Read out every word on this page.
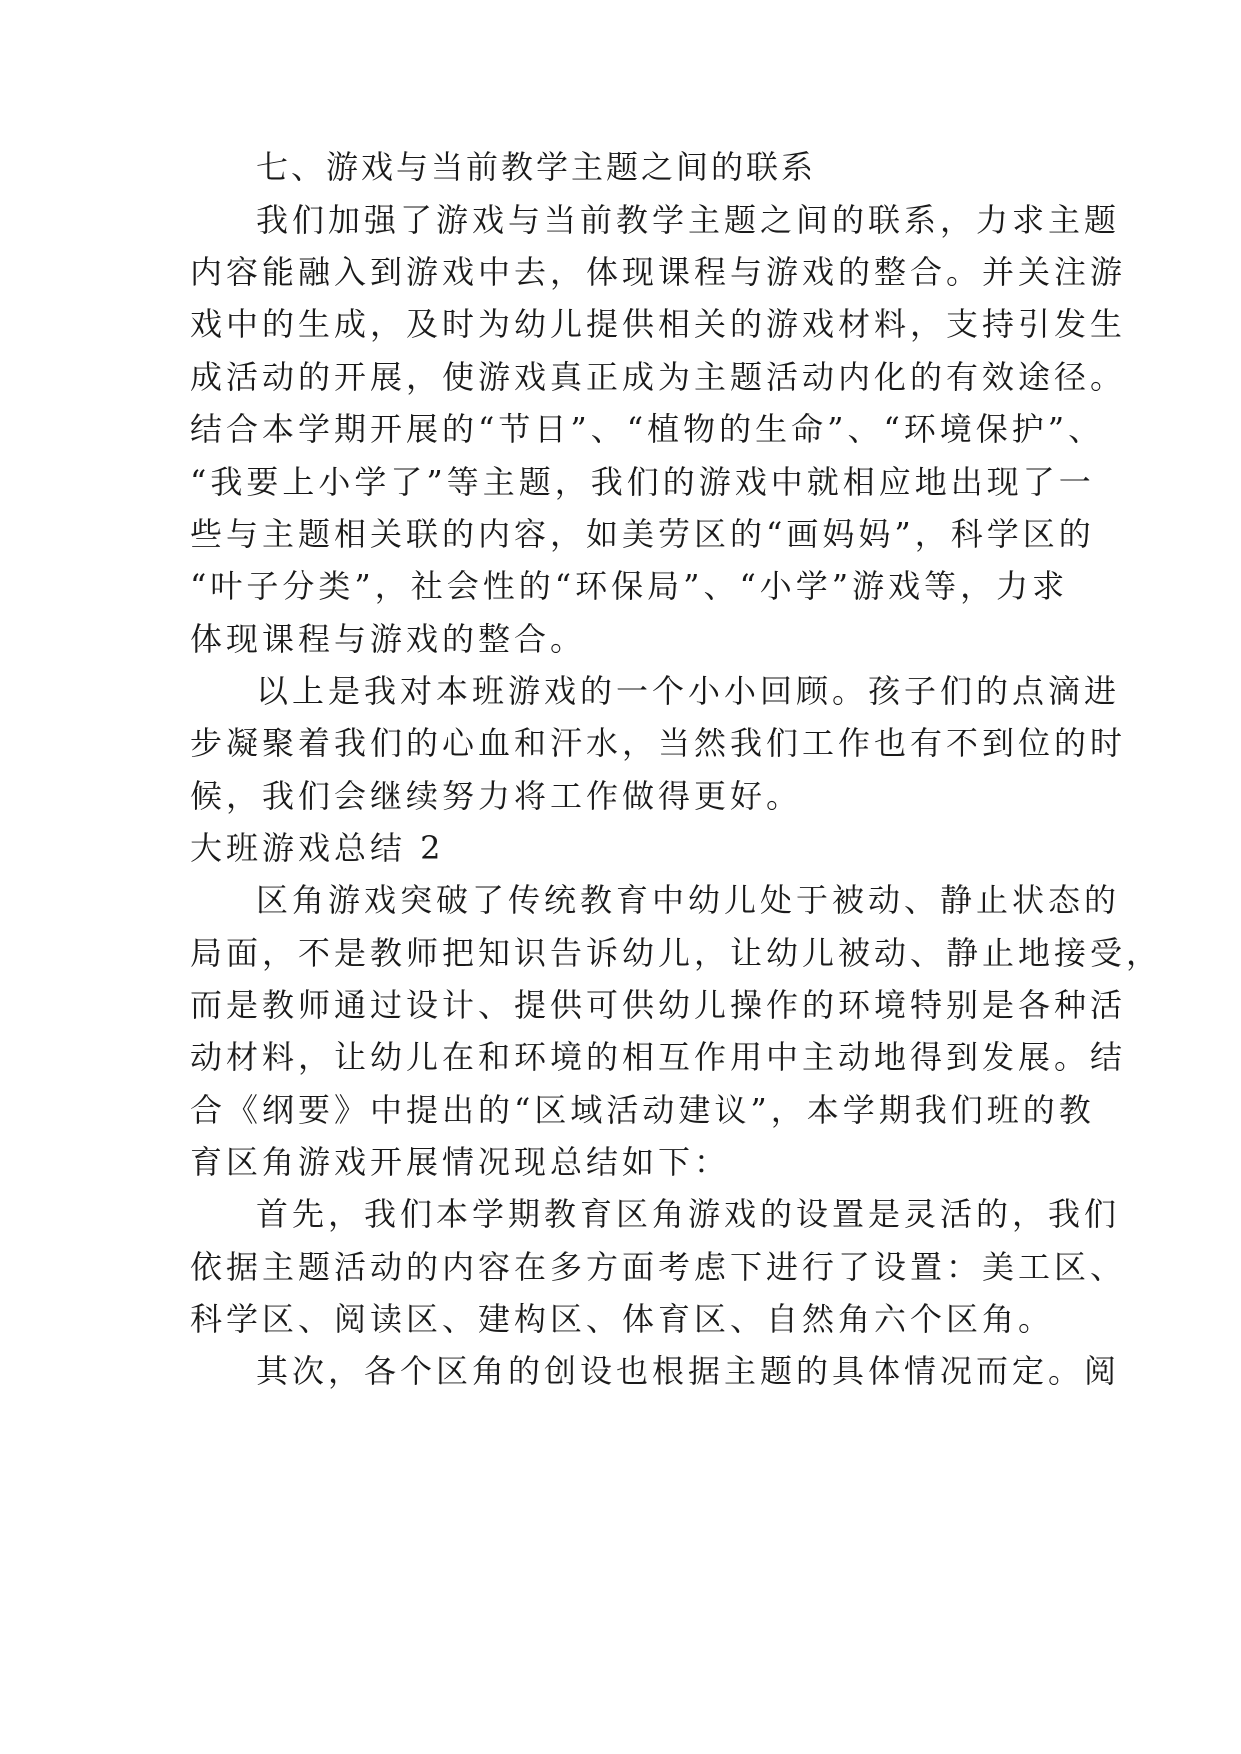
七、游戏与当前教学主题之间的联系
我们加强了游戏与当前教学主题之间的联系，力求主题
内容能融入到游戏中去，体现课程与游戏的整合。并关注游
戏中的生成，及时为幼儿提供相关的游戏材料，支持引发生
成活动的开展，使游戏真正成为主题活动内化的有效途径。
结合本学期开展的“节日”、“植物的生命”、“环境保护”、
“我要上小学了”等主题，我们的游戏中就相应地出现了一
些与主题相关联的内容，如美劳区的“画妈妈”，科学区的
“叶子分类”，社会性的“环保局”、“小学”游戏等，力求
体现课程与游戏的整合。
以上是我对本班游戏的一个小小回顾。孩子们的点滴进
步凝聚着我们的心血和汗水，当然我们工作也有不到位的时
候，我们会继续努力将工作做得更好。
大班游戏总结 2
区角游戏突破了传统教育中幼儿处于被动、静止状态的
局面，不是教师把知识告诉幼儿，让幼儿被动、静止地接受，
而是教师通过设计、提供可供幼儿操作的环境特别是各种活
动材料，让幼儿在和环境的相互作用中主动地得到发展。结
合《纲要》中提出的“区域活动建议”，本学期我们班的教
育区角游戏开展情况现总结如下：
首先，我们本学期教育区角游戏的设置是灵活的，我们
依据主题活动的内容在多方面考虑下进行了设置：美工区、
科学区、阅读区、建构区、体育区、自然角六个区角。
其次，各个区角的创设也根据主题的具体情况而定。阅
